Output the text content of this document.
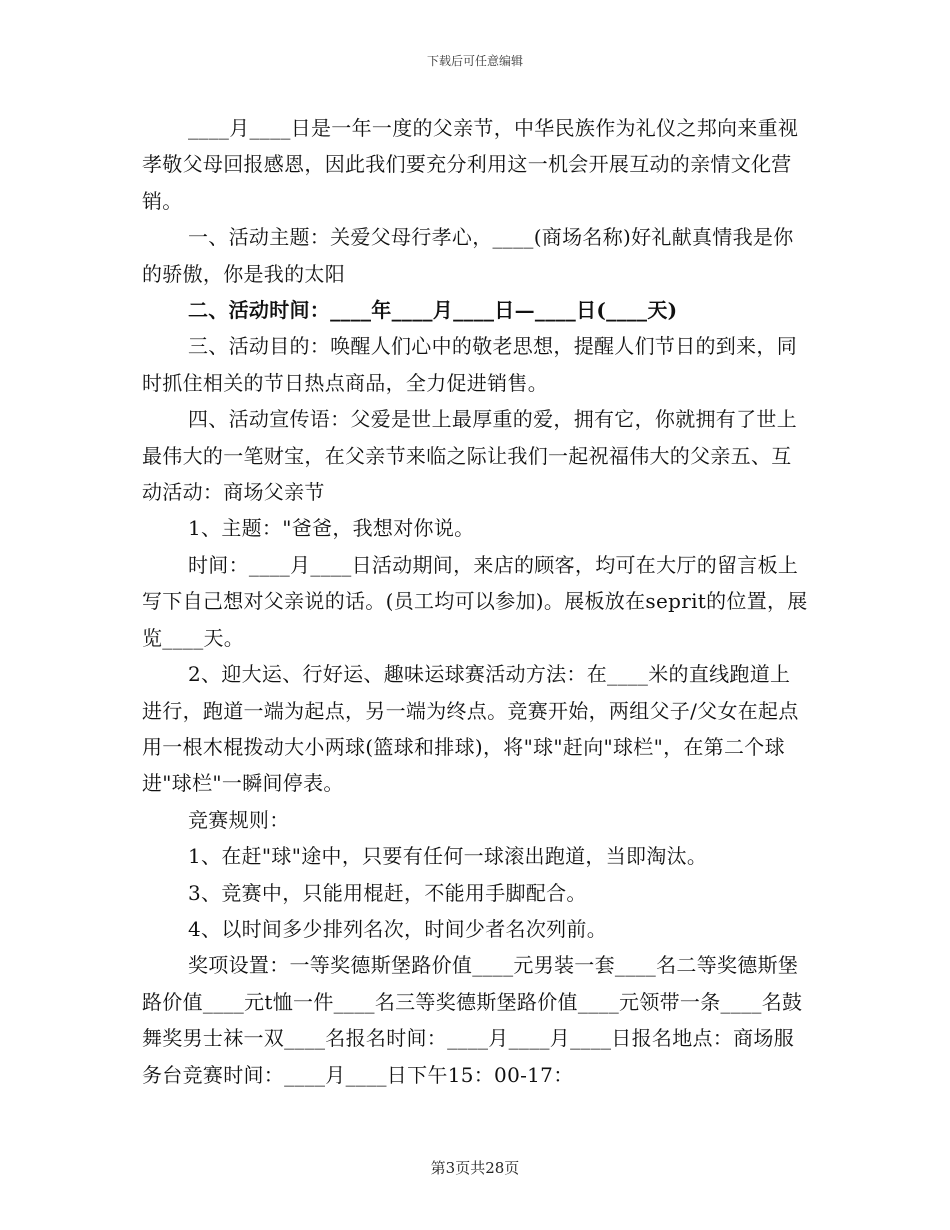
下载后可任意编辑

____月____日是一年一度的父亲节，中华民族作为礼仪之邦向来重视孝敬父母回报感恩，因此我们要充分利用这一机会开展互动的亲情文化营销。

一、活动主题：关爱父母行孝心，____(商场名称)好礼献真情我是你的骄傲，你是我的太阳

二、活动时间：____年____月____日—____日(____天)

三、活动目的：唤醒人们心中的敬老思想，提醒人们节日的到来，同时抓住相关的节日热点商品，全力促进销售。

四、活动宣传语：父爱是世上最厚重的爱，拥有它，你就拥有了世上最伟大的一笔财宝，在父亲节来临之际让我们一起祝福伟大的父亲五、互动活动：商场父亲节

1、主题："爸爸，我想对你说。

时间：____月____日活动期间，来店的顾客，均可在大厅的留言板上写下自己想对父亲说的话。(员工均可以参加)。展板放在seprit的位置，展览____天。

2、迎大运、行好运、趣味运球赛活动方法：在____米的直线跑道上进行，跑道一端为起点，另一端为终点。竞赛开始，两组父子/父女在起点用一根木棍拨动大小两球(篮球和排球)，将"球"赶向"球栏"，在第二个球进"球栏"一瞬间停表。

竞赛规则：

1、在赶"球"途中，只要有任何一球滚出跑道，当即淘汰。

3、竞赛中，只能用棍赶，不能用手脚配合。

4、以时间多少排列名次，时间少者名次列前。

奖项设置：一等奖德斯堡路价值____元男装一套____名二等奖德斯堡路价值____元t恤一件____名三等奖德斯堡路价值____元领带一条____名鼓舞奖男士袜一双____名报名时间：____月____月____日报名地点：商场服务台竞赛时间：____月____日下午15：00-17：

第3页共28页
